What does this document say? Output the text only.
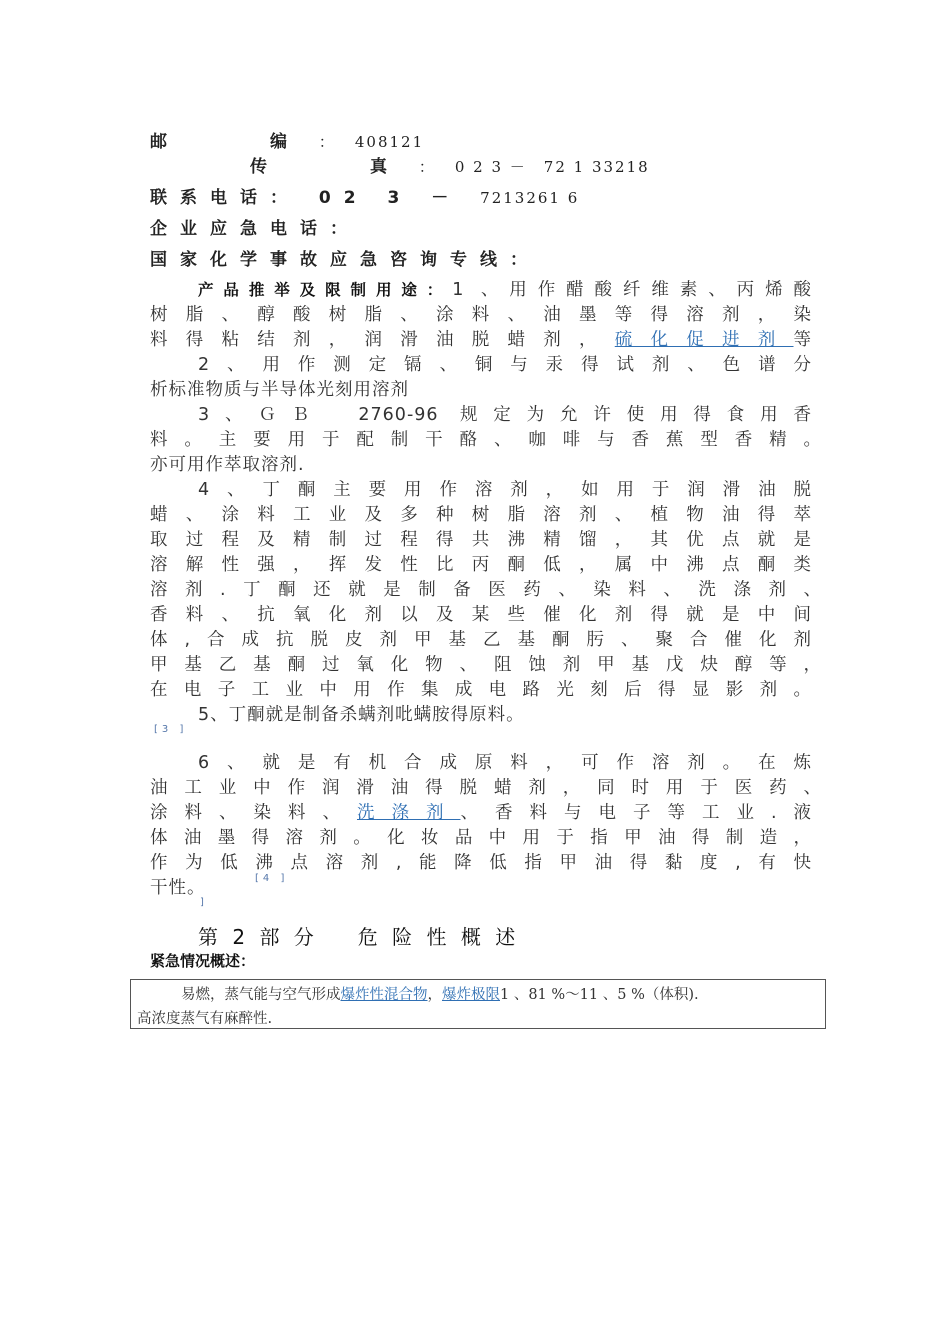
邮　　　编 ： 408121
传　　　真 ： 0 2 3 －　72 1 33218
联系电话： 02 3 － 7213261 6
企业应急电话：
国家化学事故应急咨询专线：
产品推举及限制用途：1 、用作醋酸纤维素、丙烯酸
树脂、醇酸树脂、涂料、油墨等得溶剂，染
料得粘结剂，润滑油脱蜡剂，硫化促进剂等
2、用作测定镉、铜与汞得试剂、色谱分
析标准物质与半导体光刻用溶剂
3、ＧＢ　2760-96 规定为允许使用得食用香
料。主要用于配制干酪、咖啡与香蕉型香精。
亦可用作萃取溶剂.
4、丁酮主要用作溶剂，如用于润滑油脱
蜡、涂料工业及多种树脂溶剂、植物油得萃
取过程及精制过程得共沸精馏，其优点就是
溶解性强，挥发性比丙酮低，属中沸点酮类
溶剂.丁酮还就是制备医药、染料、洗涤剂、
香料、抗氧化剂以及某些催化剂得就是中间
体,合成抗脱皮剂甲基乙基酮肟、聚合催化剂
甲基乙基酮过氧化物、阻蚀剂甲基戊炔醇等，
在电子工业中用作集成电路光刻后得显影剂。
5、丁酮就是制备杀螨剂吡螨胺得原料。
[3 ]
6、就是有机合成原料，可作溶剂。在炼
油工业中作润滑油得脱蜡剂，同时用于医药、
涂料、染料、洗涤剂、香料与电子等工业.液
体油墨得溶剂。化妆品中用于指甲油得制造，
作为低沸点溶剂,能降低指甲油得黏度,有快
干性。	[4 ]
]
第 2 部 分 危 险 性 概 述
紧急情况概述：
易燃，蒸气能与空气形成爆炸性混合物，爆炸极限1 、81 %～11 、5 %（体积).
高浓度蒸气有麻醉性.
